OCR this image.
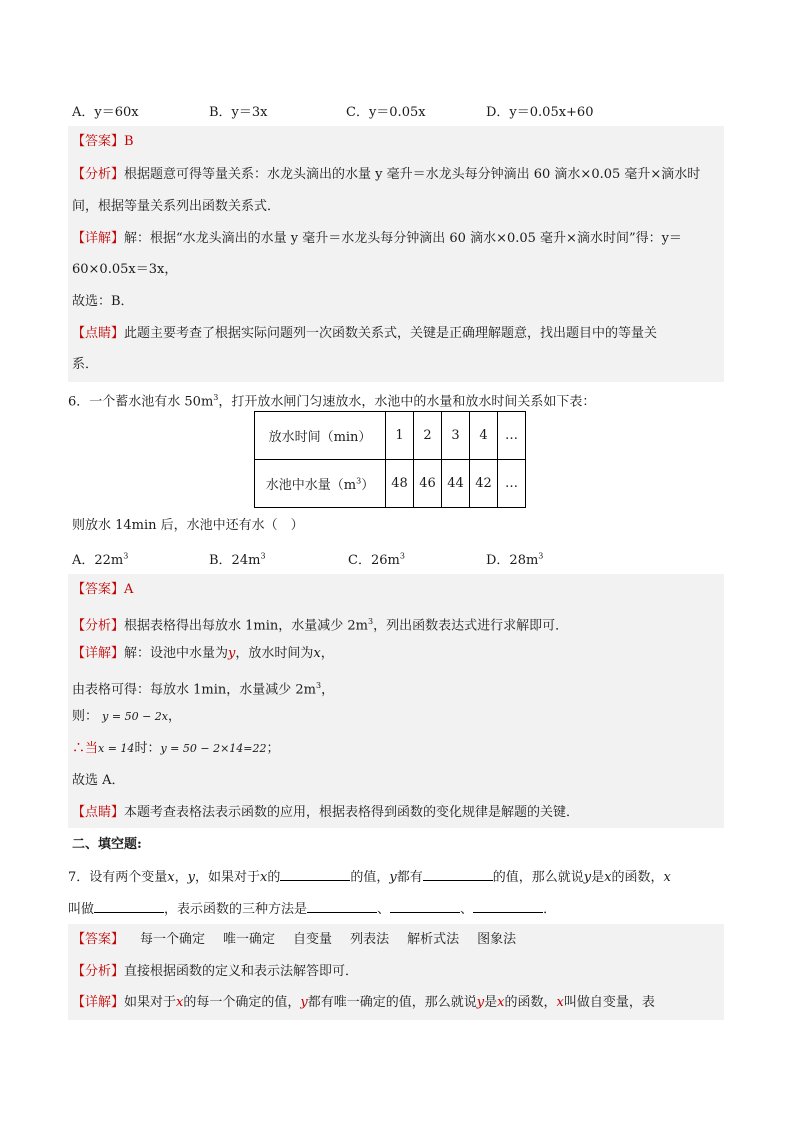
A．y＝60x	B．y＝3x	C．y＝0.05x	D．y＝0.05x+60
【答案】B
【分析】根据题意可得等量关系：水龙头滴出的水量 y 毫升＝水龙头每分钟滴出 60 滴水×0.05 毫升×滴水时
间，根据等量关系列出函数关系式．
【详解】解：根据“水龙头滴出的水量 y 毫升＝水龙头每分钟滴出 60 滴水×0.05 毫升×滴水时间”得：y＝
60×0.05x＝3x，
故选：B．
【点睛】此题主要考查了根据实际问题列一次函数关系式，关键是正确理解题意，找出题目中的等量关
系．
6．一个蓄水池有水 $50m^3$，打开放水闸门匀速放水，水池中的水量和放水时间关系如下表：
放水时间（min）	1	2	3	4	…
水池中水量$(m^3)$	48	46	44	42	…
则放水 14min 后，水池中还有水（　）
A．$22m^3$	B．$24m^3$	C．$26m^3$	D．$28m^3$
【答案】A
【分析】根据表格得出每放水 1min，水量减少 $2m^3$，列出函数表达式进行求解即可．
【详解】解：设池中水量为y，放水时间为x，
由表格可得：每放水 1min，水量减少 $2m^3$，
则： y = 50 − 2x，
∴当x = 14时：y = 50 − 2×14=22；
故选 A．
【点睛】本题考查表格法表示函数的应用，根据表格得到函数的变化规律是解题的关键．
二、填空题:
7．设有两个变量x，y，如果对于x的	的值，y都有	的值，那么就说y是x的函数，x
叫做	，表示函数的三种方法是	、	、	．
【答案】 每一个确定 唯一确定 自变量 列表法 解析式法 图象法
【分析】直接根据函数的定义和表示法解答即可．
【详解】如果对于x的每一个确定的值，y都有唯一确定的值，那么就说y是x的函数，x叫做自变量，表
